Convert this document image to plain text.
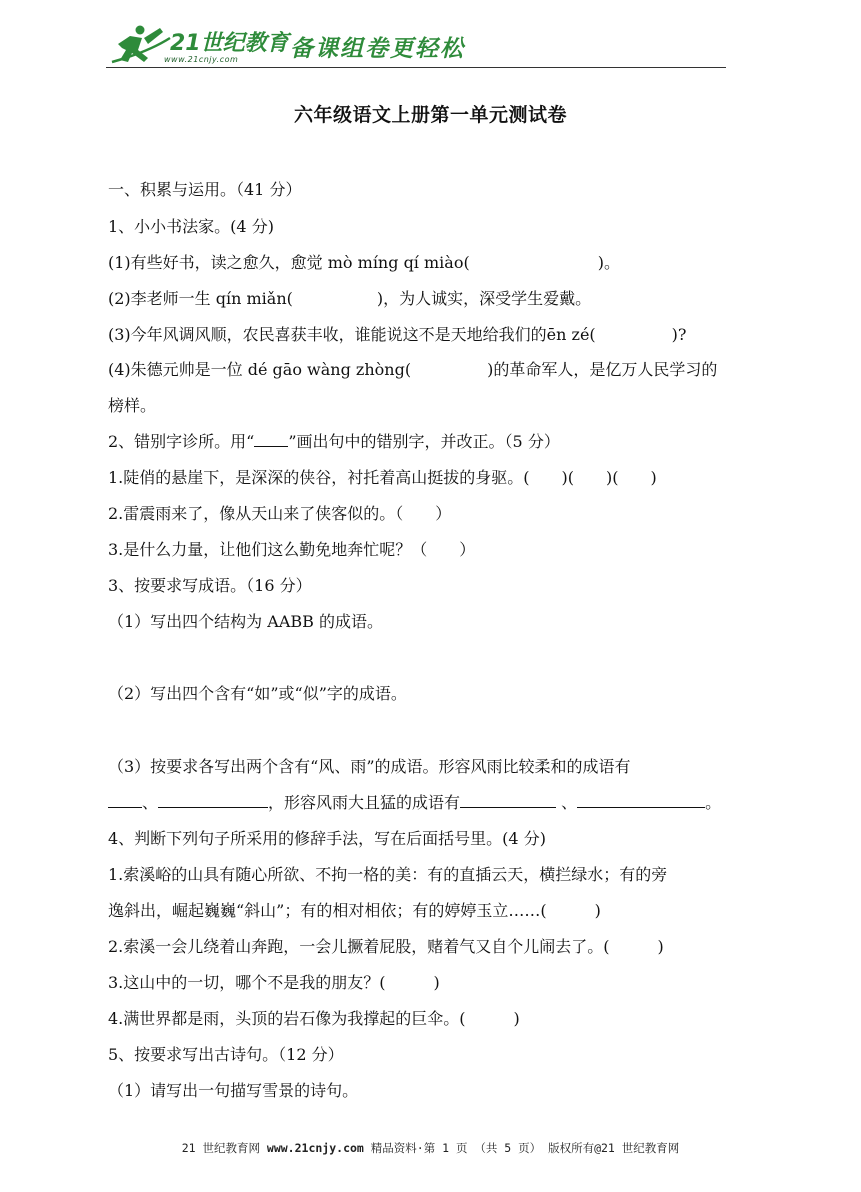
21世纪教育
www.21cnjy.com 备课组卷更轻松
六年级语文上册第一单元测试卷
一、积累与运用。（41 分）
1、小小书法家。(4 分)
(1)有些好书，读之愈久，愈觉 mò míng qí miào(	)。
(2)李老师一生 qín miǎn(	)，为人诚实，深受学生爱戴。
(3)今年风调风顺，农民喜获丰收，谁能说这不是天地给我们的ēn zé(	)?
(4)朱德元帅是一位 dé gāo wàng zhòng(	)的革命军人，是亿万人民学习的
榜样。
2、错别字诊所。用“ ”画出句中的错别字，并改正。（5 分）
1.陡俏的悬崖下，是深深的侠谷，衬托着高山挺拔的身驱。(　　)(　　)(　　)
2.雷震雨来了，像从天山来了侠客似的。（　　）
3.是什么力量，让他们这么勤免地奔忙呢？（　　）
3、按要求写成语。（16 分）
（1）写出四个结构为 AABB 的成语。
（2）写出四个含有“如”或“似”字的成语。
（3）按要求各写出两个含有“风、雨”的成语。形容风雨比较柔和的成语有
、	，形容风雨大且猛的成语有	、	。
4、判断下列句子所采用的修辞手法，写在后面括号里。(4 分)
1.索溪峪的山具有随心所欲、不拘一格的美：有的直插云天，横拦绿水；有的旁
逸斜出，崛起巍巍“斜山”；有的相对相依；有的婷婷玉立……(　　　)
2.索溪一会儿绕着山奔跑，一会儿撅着屁股，赌着气又自个儿闹去了。(　　　)
3.这山中的一切，哪个不是我的朋友？(　　　)
4.满世界都是雨，头顶的岩石像为我撑起的巨伞。(　　　)
5、按要求写出古诗句。（12 分）
（1）请写出一句描写雪景的诗句。
21 世纪教育网 www.21cnjy.com 精品资料·第 1 页 （共 5 页） 版权所有@21 世纪教育网
